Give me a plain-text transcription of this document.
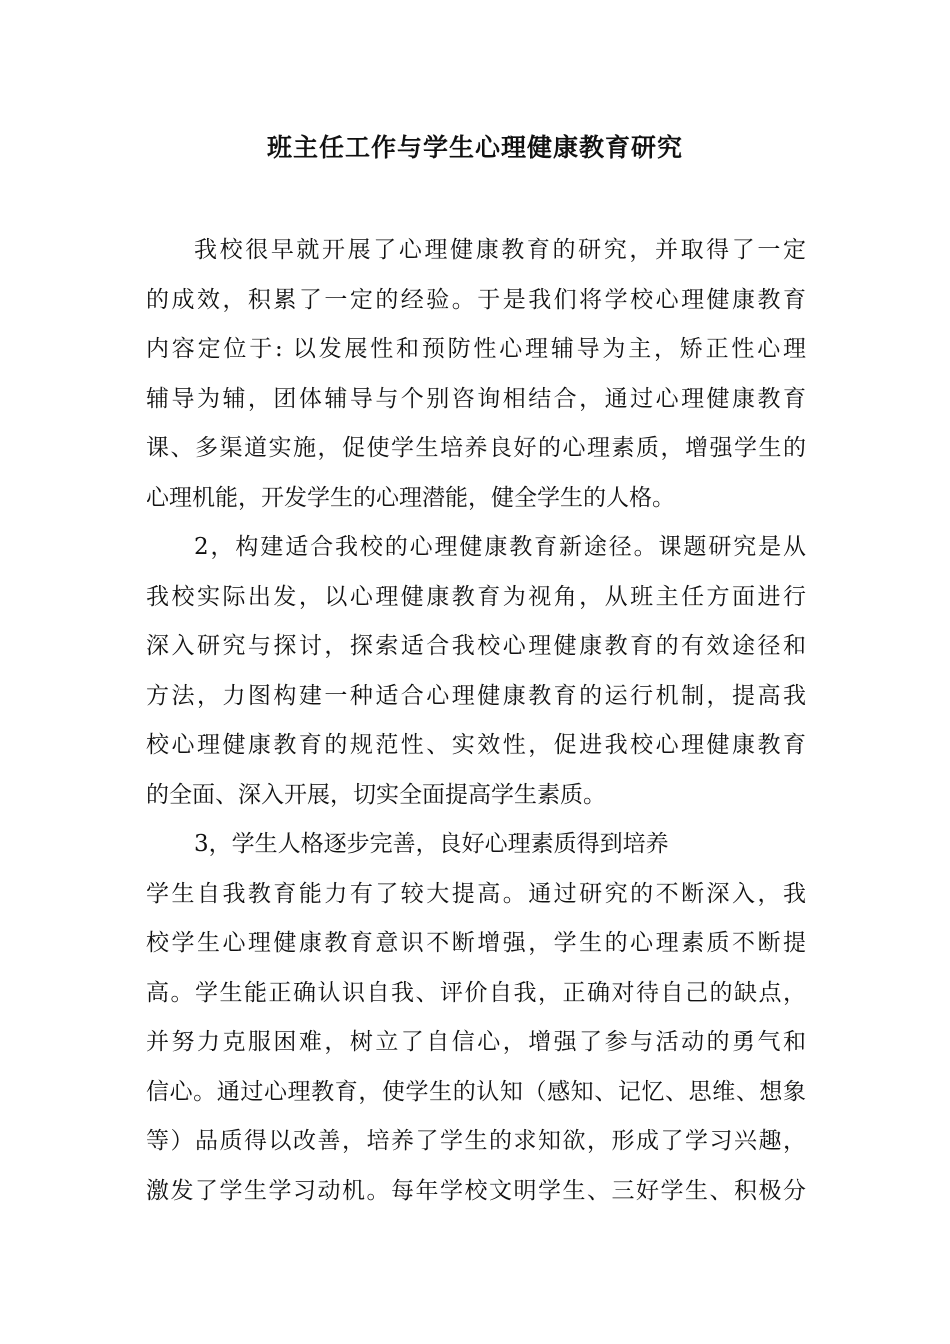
班主任工作与学生心理健康教育研究
我校很早就开展了心理健康教育的研究，并取得了一定
的成效，积累了一定的经验。于是我们将学校心理健康教育
内容定位于: 以发展性和预防性心理辅导为主，矫正性心理
辅导为辅，团体辅导与个别咨询相结合，通过心理健康教育
课、多渠道实施，促使学生培养良好的心理素质，增强学生的
心理机能，开发学生的心理潜能，健全学生的人格。
2，构建适合我校的心理健康教育新途径。课题研究是从
我校实际出发，以心理健康教育为视角，从班主任方面进行
深入研究与探讨，探索适合我校心理健康教育的有效途径和
方法，力图构建一种适合心理健康教育的运行机制，提高我
校心理健康教育的规范性、实效性，促进我校心理健康教育
的全面、深入开展，切实全面提高学生素质。
3，学生人格逐步完善，良好心理素质得到培养
学生自我教育能力有了较大提高。通过研究的不断深入，我
校学生心理健康教育意识不断增强，学生的心理素质不断提
高。学生能正确认识自我、评价自我，正确对待自己的缺点，
并努力克服困难，树立了自信心，增强了参与活动的勇气和
信心。通过心理教育，使学生的认知（感知、记忆、思维、想象
等）品质得以改善，培养了学生的求知欲，形成了学习兴趣，
激发了学生学习动机。每年学校文明学生、三好学生、积极分
